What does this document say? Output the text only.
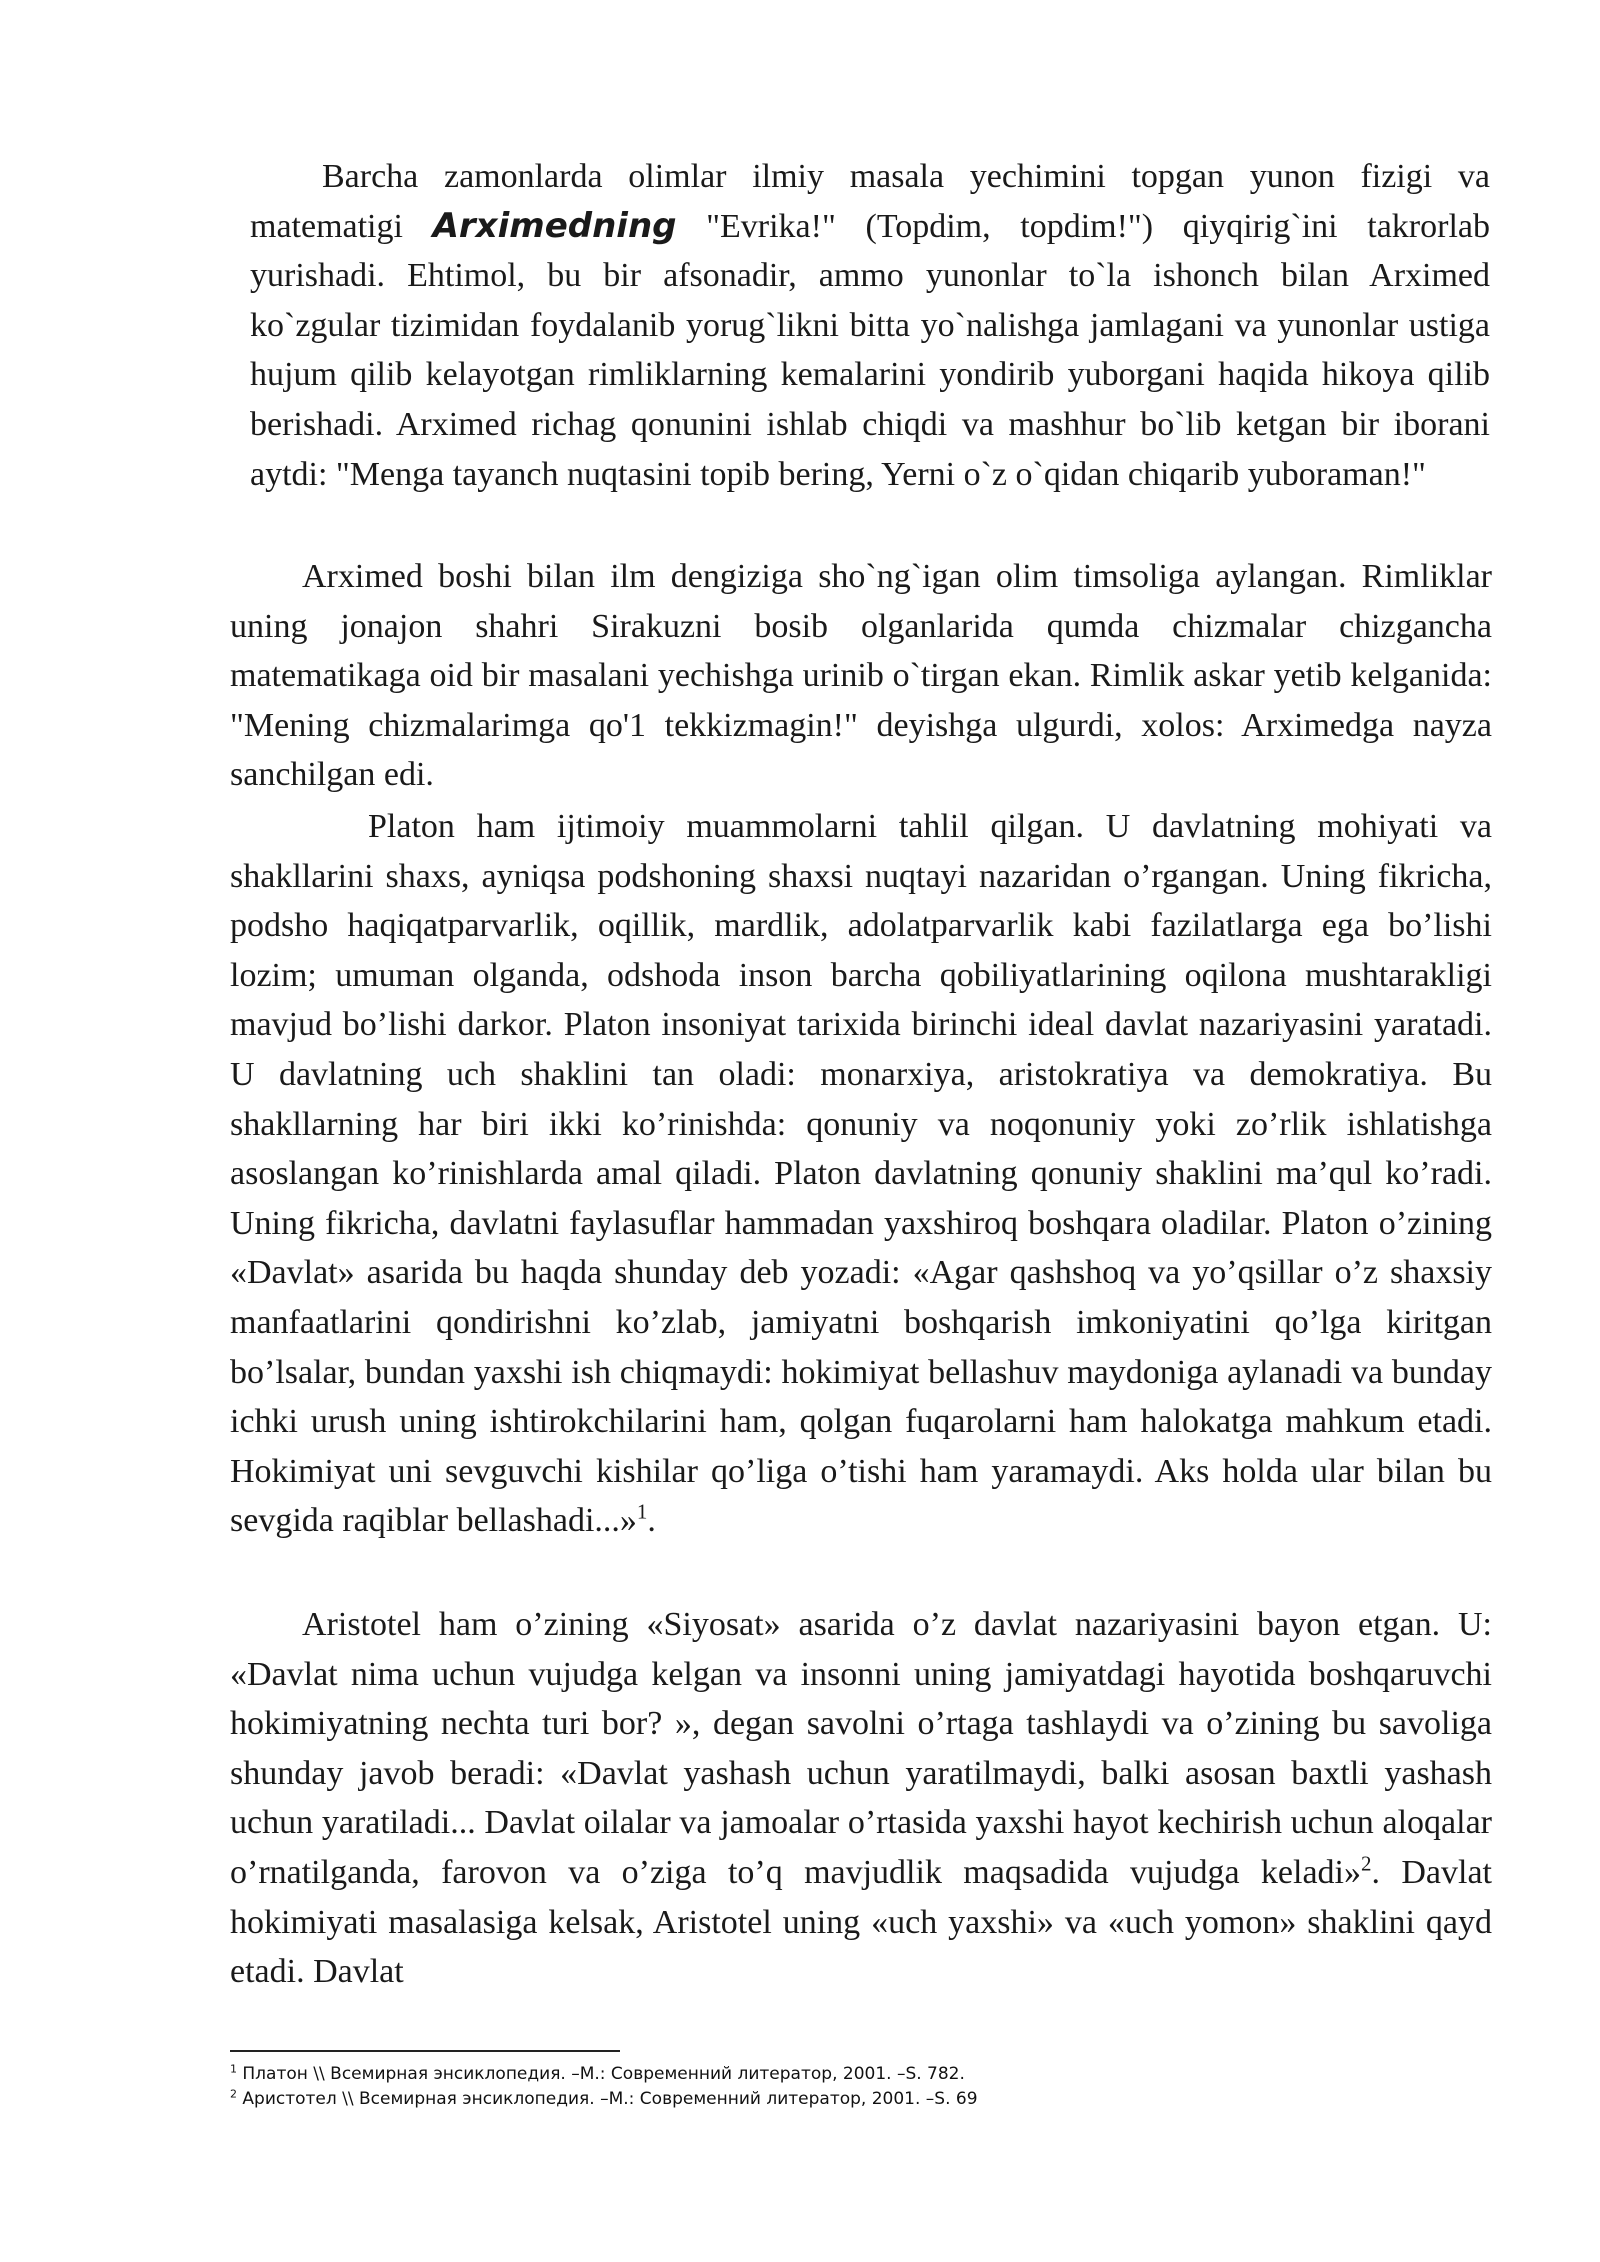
Barcha zamonlarda olimlar ilmiy masala yechimini topgan yunon fizigi va matematigi Arximedning "Evrika!" (Topdim, topdim!") qiyqirig`ini takrorlab yurishadi. Ehtimol, bu bir afsonadir, ammo yunonlar to`la ishonch bilan Arximed ko`zgular tizimidan foydalanib yorug`likni bitta yo`nalishga jamlagani va yunonlar ustiga hujum qilib kelayotgan rimliklarning kemalarini yondirib yuborgani haqida hikoya qilib berishadi. Arximed richag qonunini ishlab chiqdi va mashhur bo`lib ketgan bir iborani aytdi: "Menga tayanch nuqtasini topib bering, Yerni o`z o`qidan chiqarib yuboraman!"

Arximed boshi bilan ilm dengiziga sho`ng`igan olim timsoliga aylangan. Rimliklar uning jonajon shahri Sirakuzni bosib olganlarida qumda chizmalar chizgancha matematikaga oid bir masalani yechishga urinib o`tirgan ekan. Rimlik askar yetib kelganida: "Mening chizmalarimga qo'1 tekkizmagin!" deyishga ulgurdi, xolos: Arximedga nayza sanchilgan edi.

Platon ham ijtimoiy muammolarni tahlil qilgan. U davlatning mohiyati va shakllarini shaxs, ayniqsa podshoning shaxsi nuqtayi nazaridan o’rgangan. Uning fikricha, podsho haqiqatparvarlik, oqillik, mardlik, adolatparvarlik kabi fazilatlarga ega bo’lishi lozim; umuman olganda, odshoda inson barcha qobiliyatlarining oqilona mushtarakligi mavjud bo’lishi darkor. Platon insoniyat tarixida birinchi ideal davlat nazariyasini yaratadi. U davlatning uch shaklini tan oladi: monarxiya, aristokratiya va demokratiya. Bu shakllarning har biri ikki ko’rinishda: qonuniy va noqonuniy yoki zo’rlik ishlatishga asoslangan ko’rinishlarda amal qiladi. Platon davlatning qonuniy shaklini ma’qul ko’radi. Uning fikricha, davlatni faylasuflar hammadan yaxshiroq boshqara oladilar. Platon o’zining «Davlat» asarida bu haqda shunday deb yozadi: «Agar qashshoq va yo’qsillar o’z shaxsiy manfaatlarini qondirishni ko’zlab, jamiyatni boshqarish imkoniyatini qo’lga kiritgan bo’lsalar, bundan yaxshi ish chiqmaydi: hokimiyat bellashuv maydoniga aylanadi va bunday ichki urush uning ishtirokchilarini ham, qolgan fuqarolarni ham halokatga mahkum etadi. Hokimiyat uni sevguvchi kishilar qo’liga o’tishi ham yaramaydi. Aks holda ular bilan bu sevgida raqiblar bellashadi...»$^1$.

Aristotel ham o’zining «Siyosat» asarida o’z davlat nazariyasini bayon etgan. U: «Davlat nima uchun vujudga kelgan va insonni uning jamiyatdagi hayotida boshqaruvchi hokimiyatning nechta turi bor? », degan savolni o’rtaga tashlaydi va o’zining bu savoliga shunday javob beradi: «Davlat yashash uchun yaratilmaydi, balki asosan baxtli yashash uchun yaratiladi... Davlat oilalar va jamoalar o’rtasida yaxshi hayot kechirish uchun aloqalar o’rnatilganda, farovon va o’ziga to’q mavjudlik maqsadida vujudga keladi»$^2$. Davlat hokimiyati masalasiga kelsak, Aristotel uning «uch yaxshi» va «uch yomon» shaklini qayd etadi. Davlat

$^1$ Платон \\ Всемирная энсиклопедия. –М.: Современний литератор, 2001. –S. 782.
$^2$ Аристотел \\ Всемирная энсиклопедия. –М.: Современний литератор, 2001. –S. 69
